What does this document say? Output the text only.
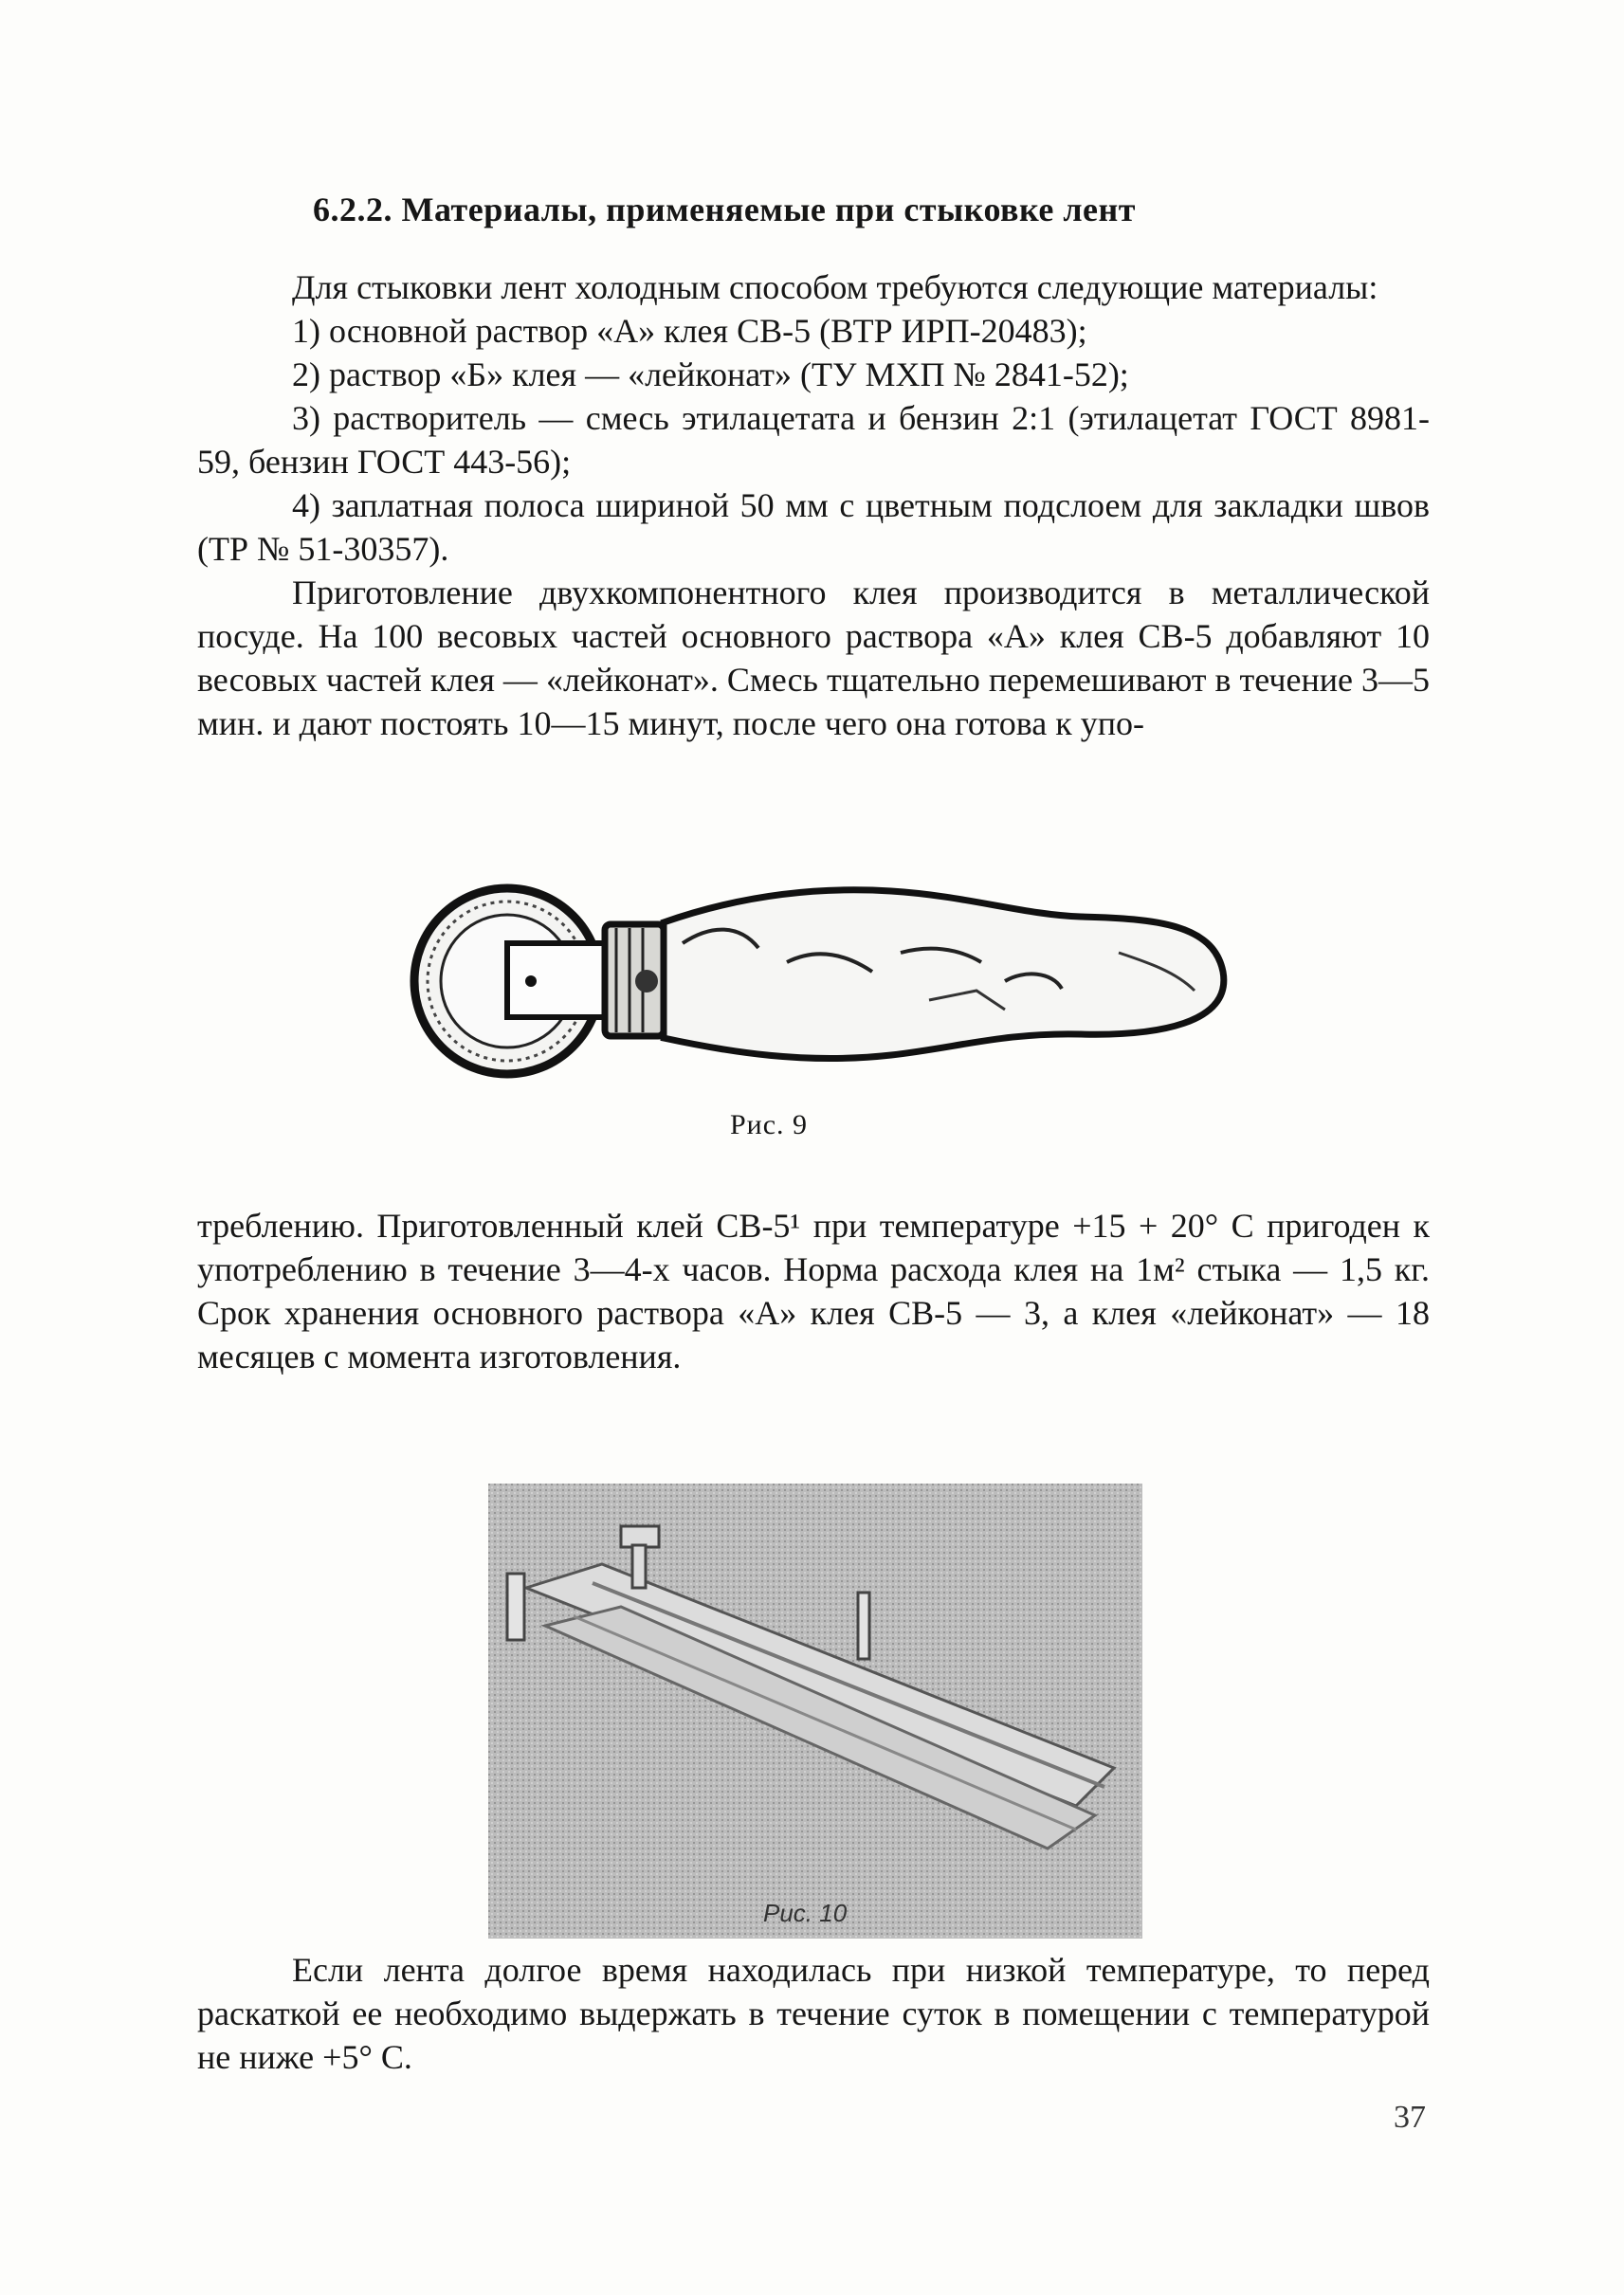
6.2.2. Материалы, применяемые при стыковке лент

Для стыковки лент холодным способом требуются следующие материалы:

1) основной раствор «А» клея СВ-5 (ВТР ИРП-20483);

2) раствор «Б» клея — «лейконат» (ТУ МХП № 2841-52);

3) растворитель — смесь этилацетата и бензин 2:1 (этилацетат ГОСТ 8981-59, бензин ГОСТ 443-56);

4) заплатная полоса шириной 50 мм с цветным подслоем для закладки швов (ТР № 51-30357).

Приготовление двухкомпонентного клея производится в металлической посуде. На 100 весовых частей основного раствора «А» клея СВ-5 добавляют 10 весовых частей клея — «лейконат». Смесь тщательно перемешивают в течение 3—5 мин. и дают постоять 10—15 минут, после чего она готова к упо-

Рис. 9

треблению. Приготовленный клей СВ-5¹ при температуре +15 + 20° С пригоден к употреблению в течение 3—4-х часов. Норма расхода клея на 1м² стыка — 1,5 кг. Срок хранения основного раствора «А» клея СВ-5 — 3, а клея «лейконат» — 18 месяцев с момента изготовления.

Если лента долгое время находилась при низкой температуре, то перед раскаткой ее необходимо выдержать в течение суток в помещении с температурой не ниже +5° С.

37
Рис. 10
